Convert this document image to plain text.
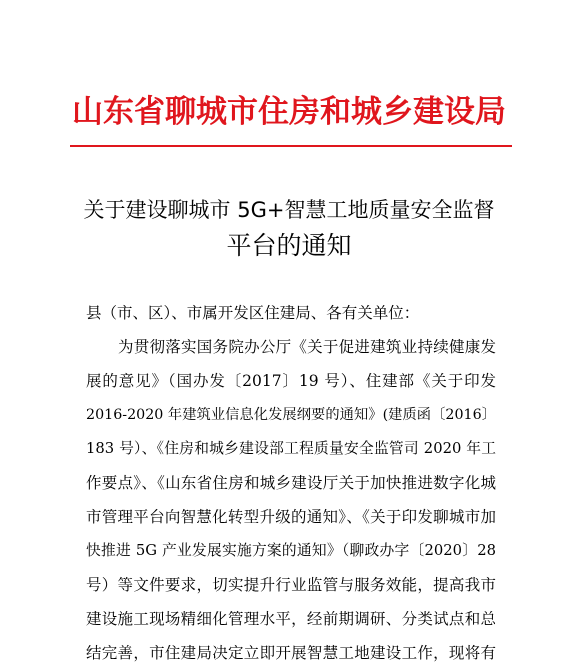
山东省聊城市住房和城乡建设局
关于建设聊城市 5G+智慧工地质量安全监督
平台的通知
县（市、区）、市属开发区住建局、各有关单位：
为贯彻落实国务院办公厅《关于促进建筑业持续健康发
展的意见》（国办发〔2017〕19 号）、住建部《关于印发
2016-2020 年建筑业信息化发展纲要的通知》(建质函〔2016〕
183 号）、《住房和城乡建设部工程质量安全监管司 2020 年工
作要点》、《山东省住房和城乡建设厅关于加快推进数字化城
市管理平台向智慧化转型升级的通知》、《关于印发聊城市加
快推进 5G 产业发展实施方案的通知》（聊政办字〔2020〕28
号）等文件要求，切实提升行业监管与服务效能，提高我市
建设施工现场精细化管理水平，经前期调研、分类试点和总
结完善，市住建局决定立即开展智慧工地建设工作，现将有
